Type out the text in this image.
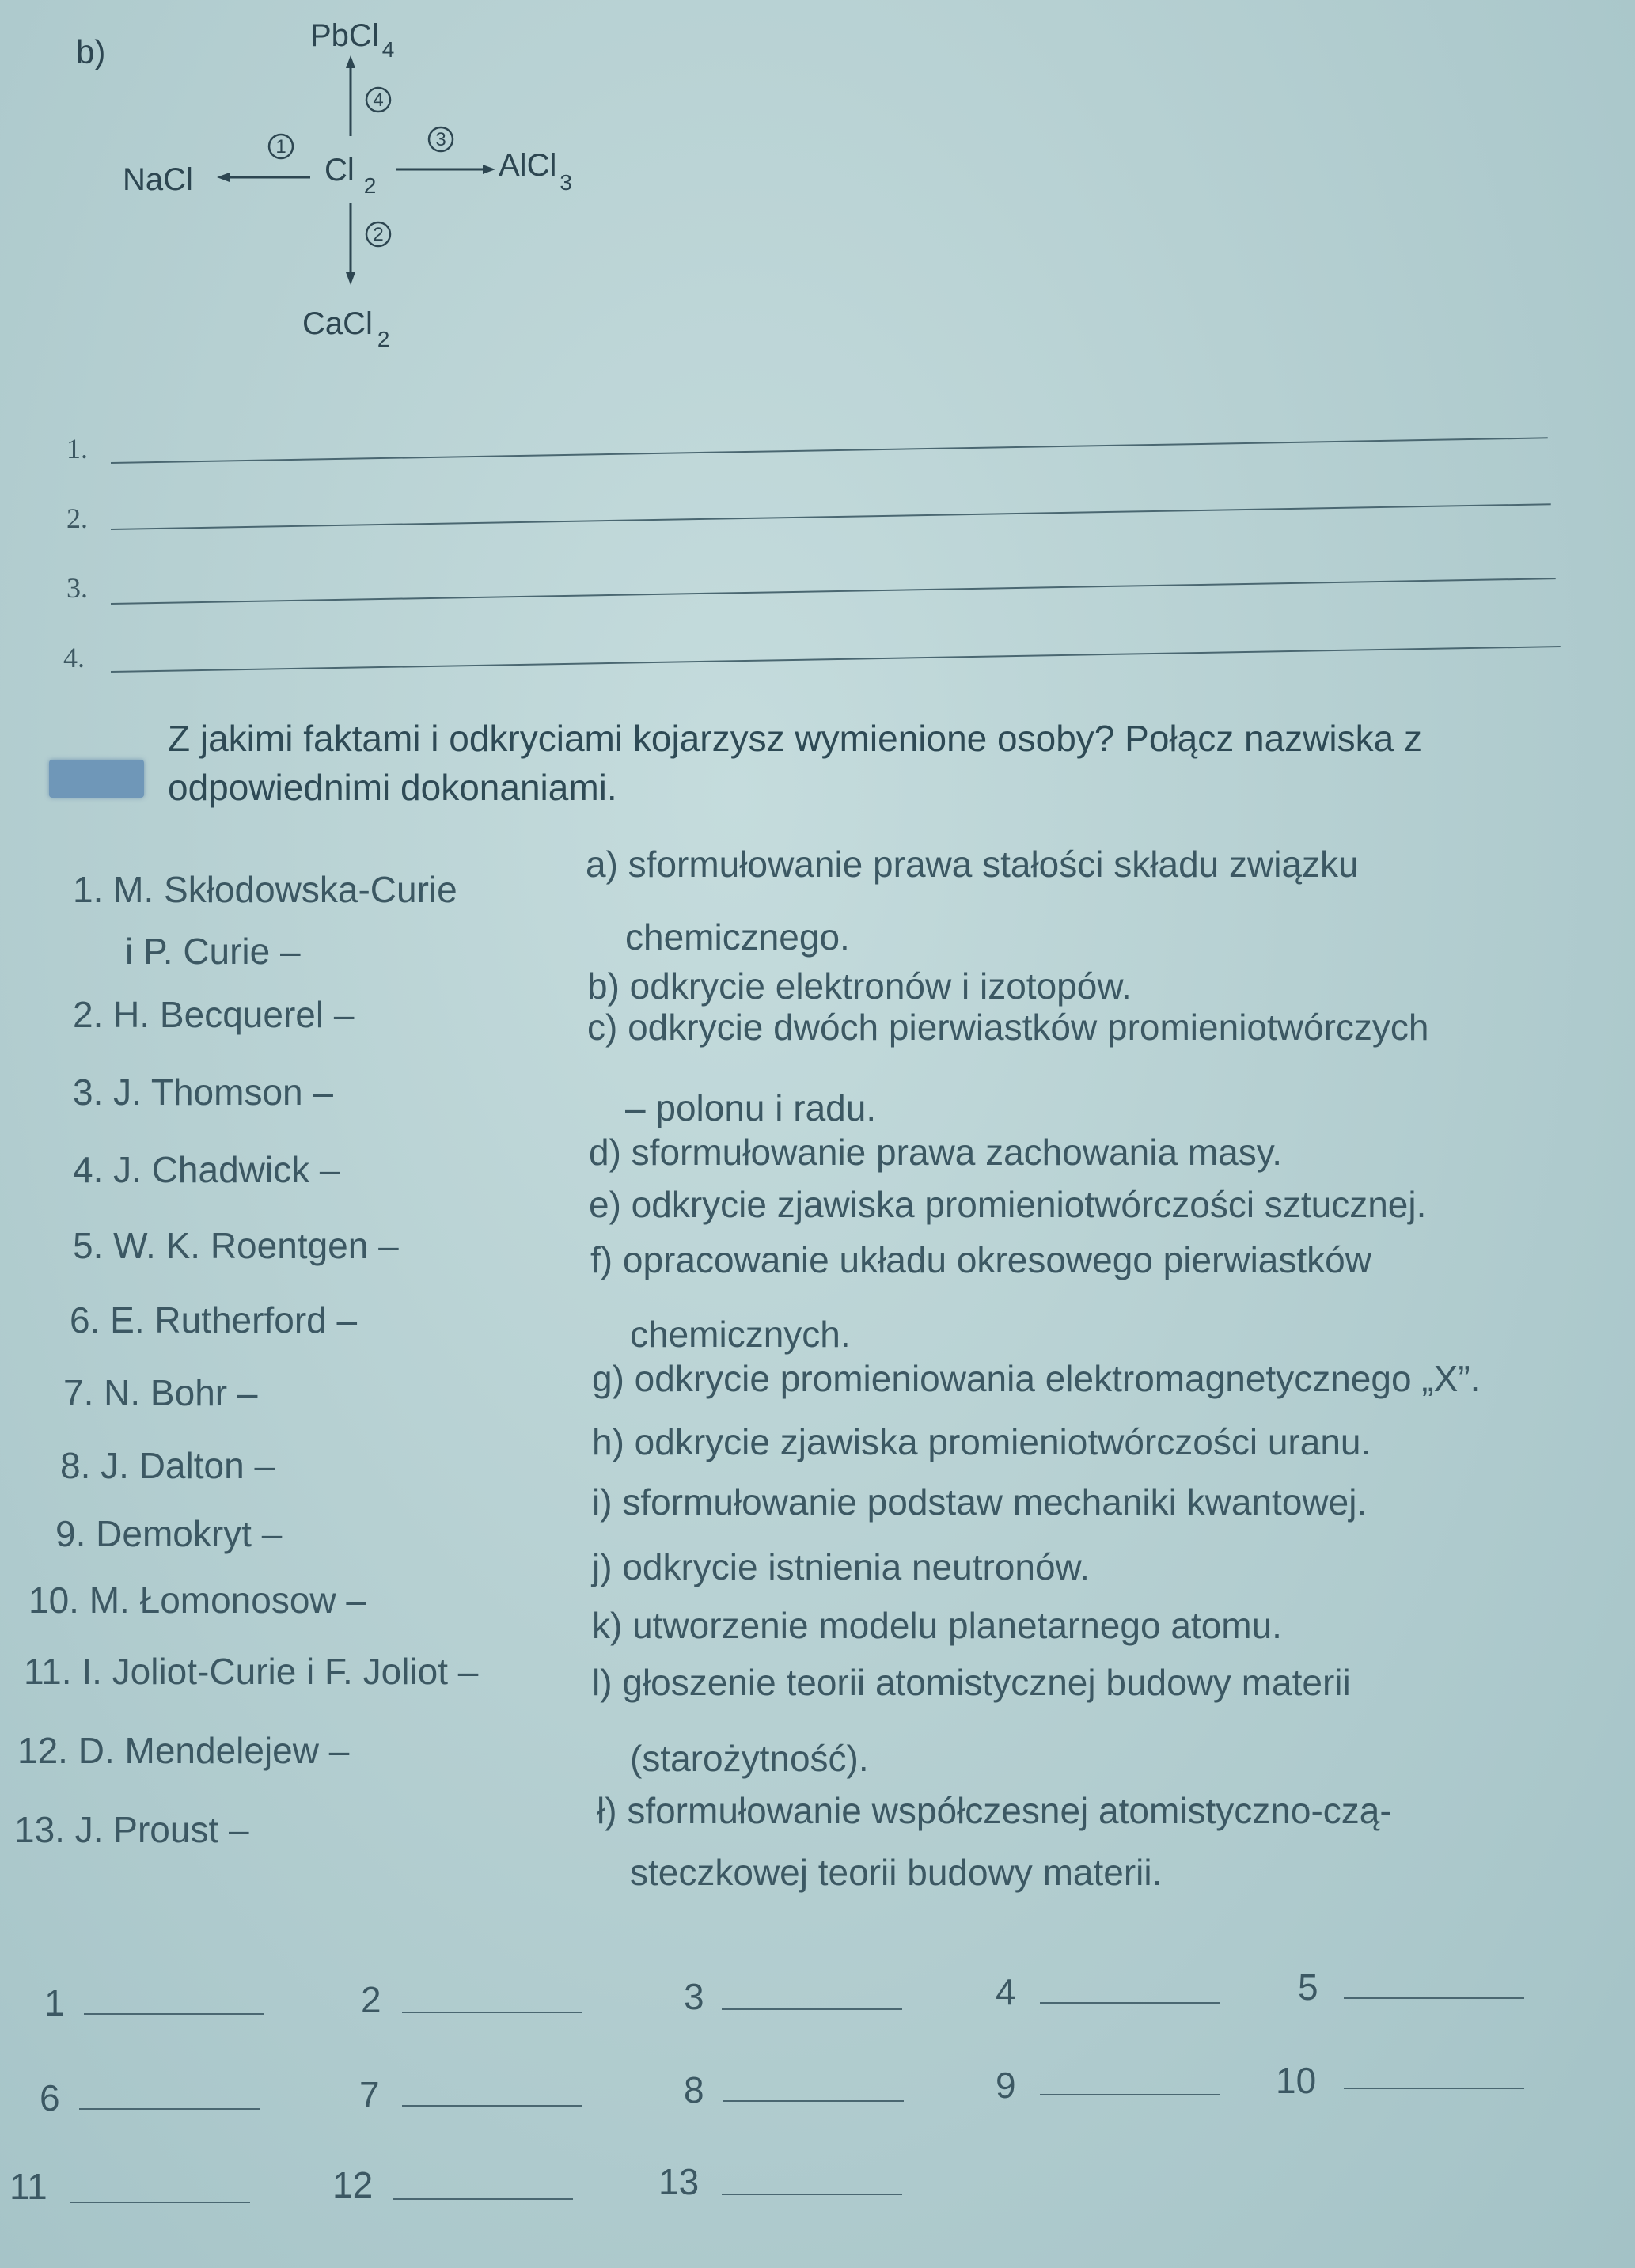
b)	PbCl $_4$
Cl $_2$
NaCl	AlCl $_3$
CaCl $_2$
4
1	3
2
1.
2.
3.
4.
Z jakimi faktami i odkryciami kojarzysz wymienione osoby? Połącz nazwiska z odpowiednimi dokonaniami.
1. M. Skłodowska-Curie
i P. Curie –
2. H. Becquerel –
3. J. Thomson –
4. J. Chadwick –
5. W. K. Roentgen –
6. E. Rutherford –
7. N. Bohr –
8. J. Dalton –
9. Demokryt –
10. M. Łomonosow –
11. I. Joliot-Curie i F. Joliot –
12. D. Mendelejew –
13. J. Proust –
a) sformułowanie prawa stałości składu związku
chemicznego.
b) odkrycie elektronów i izotopów.
c) odkrycie dwóch pierwiastków promieniotwórczych
– polonu i radu.
d) sformułowanie prawa zachowania masy.
e) odkrycie zjawiska promieniotwórczości sztucznej.
f) opracowanie układu okresowego pierwiastków
chemicznych.
g) odkrycie promieniowania elektromagnetycznego „X”.
h) odkrycie zjawiska promieniotwórczości uranu.
i) sformułowanie podstaw mechaniki kwantowej.
j) odkrycie istnienia neutronów.
k) utworzenie modelu planetarnego atomu.
l) głoszenie teorii atomistycznej budowy materii
(starożytność).
ł) sformułowanie współczesnej atomistyczno-czą-
steczkowej teorii budowy materii.
1	2	3	4	5
6	7	8	9	10
11	12	13
